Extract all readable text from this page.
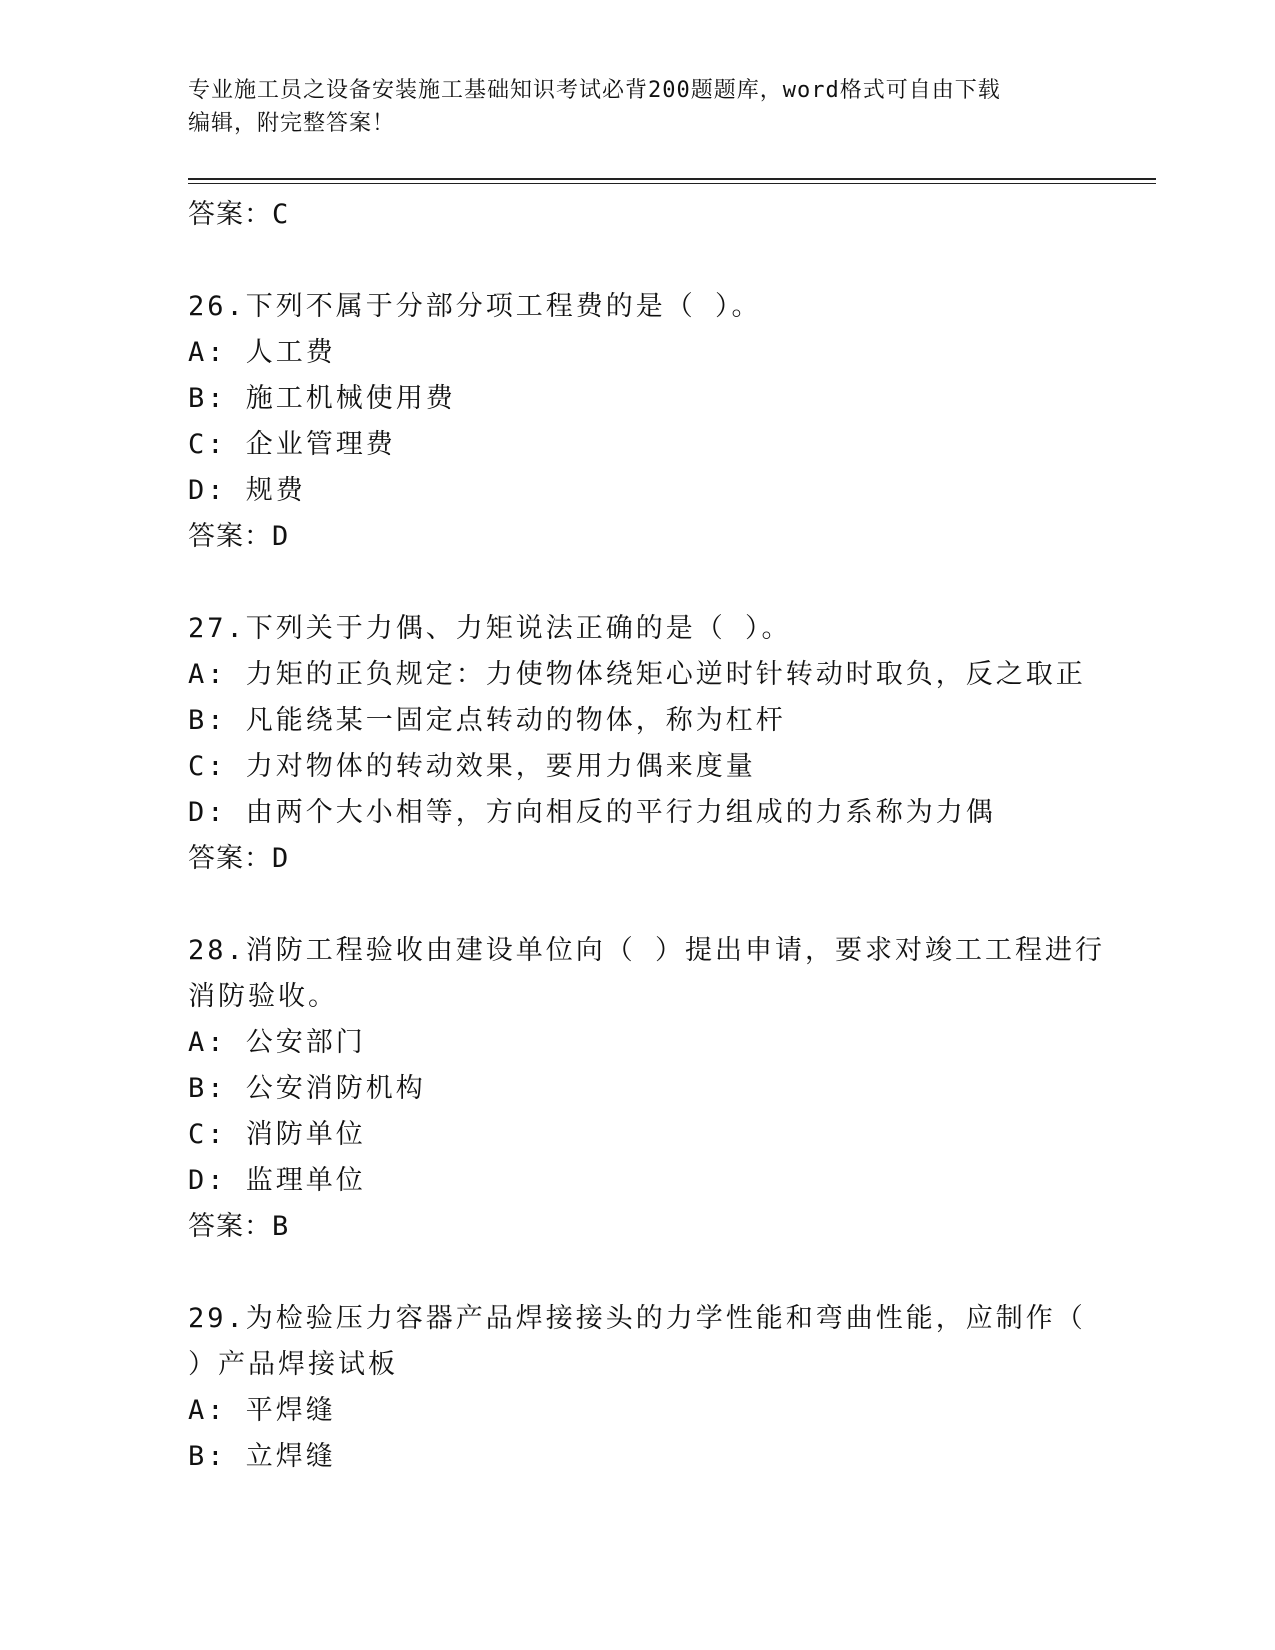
专业施工员之设备安装施工基础知识考试必背200题题库，word格式可自由下载
编辑，附完整答案！
答案：C
26.下列不属于分部分项工程费的是（ ）。
A: 人工费
B: 施工机械使用费
C: 企业管理费
D: 规费
答案：D
27.下列关于力偶、力矩说法正确的是（ ）。
A: 力矩的正负规定：力使物体绕矩心逆时针转动时取负，反之取正
B: 凡能绕某一固定点转动的物体，称为杠杆
C: 力对物体的转动效果，要用力偶来度量
D: 由两个大小相等，方向相反的平行力组成的力系称为力偶
答案：D
28.消防工程验收由建设单位向（ ）提出申请，要求对竣工工程进行
消防验收。
A: 公安部门
B: 公安消防机构
C: 消防单位
D: 监理单位
答案：B
29.为检验压力容器产品焊接接头的力学性能和弯曲性能，应制作（
）产品焊接试板
A: 平焊缝
B: 立焊缝
